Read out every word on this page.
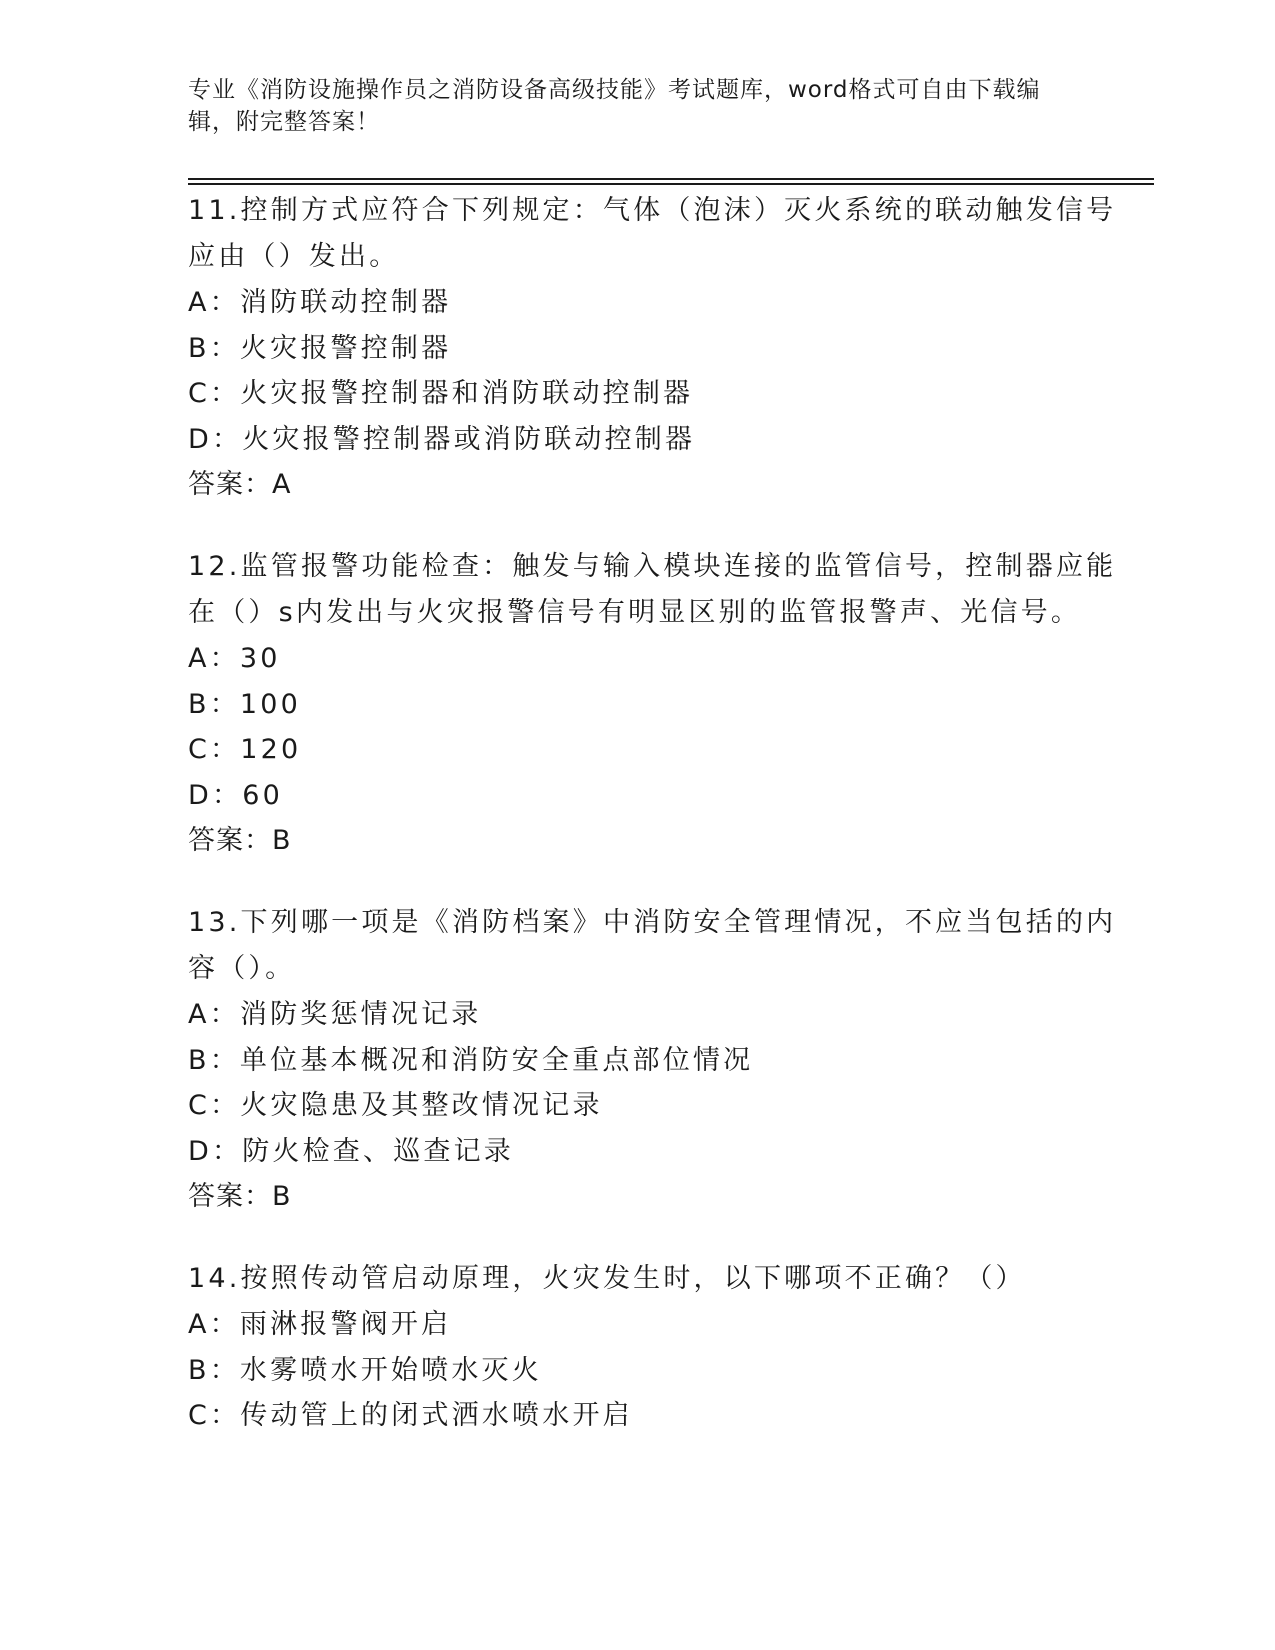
专业《消防设施操作员之消防设备高级技能》考试题库，word格式可自由下载编辑，附完整答案！

11.控制方式应符合下列规定：气体（泡沫）灭火系统的联动触发信号应由（）发出。

A：消防联动控制器

B：火灾报警控制器

C：火灾报警控制器和消防联动控制器

D：火灾报警控制器或消防联动控制器

答案：A

12.监管报警功能检查：触发与输入模块连接的监管信号，控制器应能在（）s内发出与火灾报警信号有明显区别的监管报警声、光信号。

A：30

B：100

C：120

D：60

答案：B

13.下列哪一项是《消防档案》中消防安全管理情况，不应当包括的内容（）。

A：消防奖惩情况记录

B：单位基本概况和消防安全重点部位情况

C：火灾隐患及其整改情况记录

D：防火检查、巡查记录

答案：B

14.按照传动管启动原理，火灾发生时，以下哪项不正确？（）

A：雨淋报警阀开启

B：水雾喷水开始喷水灭火

C：传动管上的闭式洒水喷水开启
